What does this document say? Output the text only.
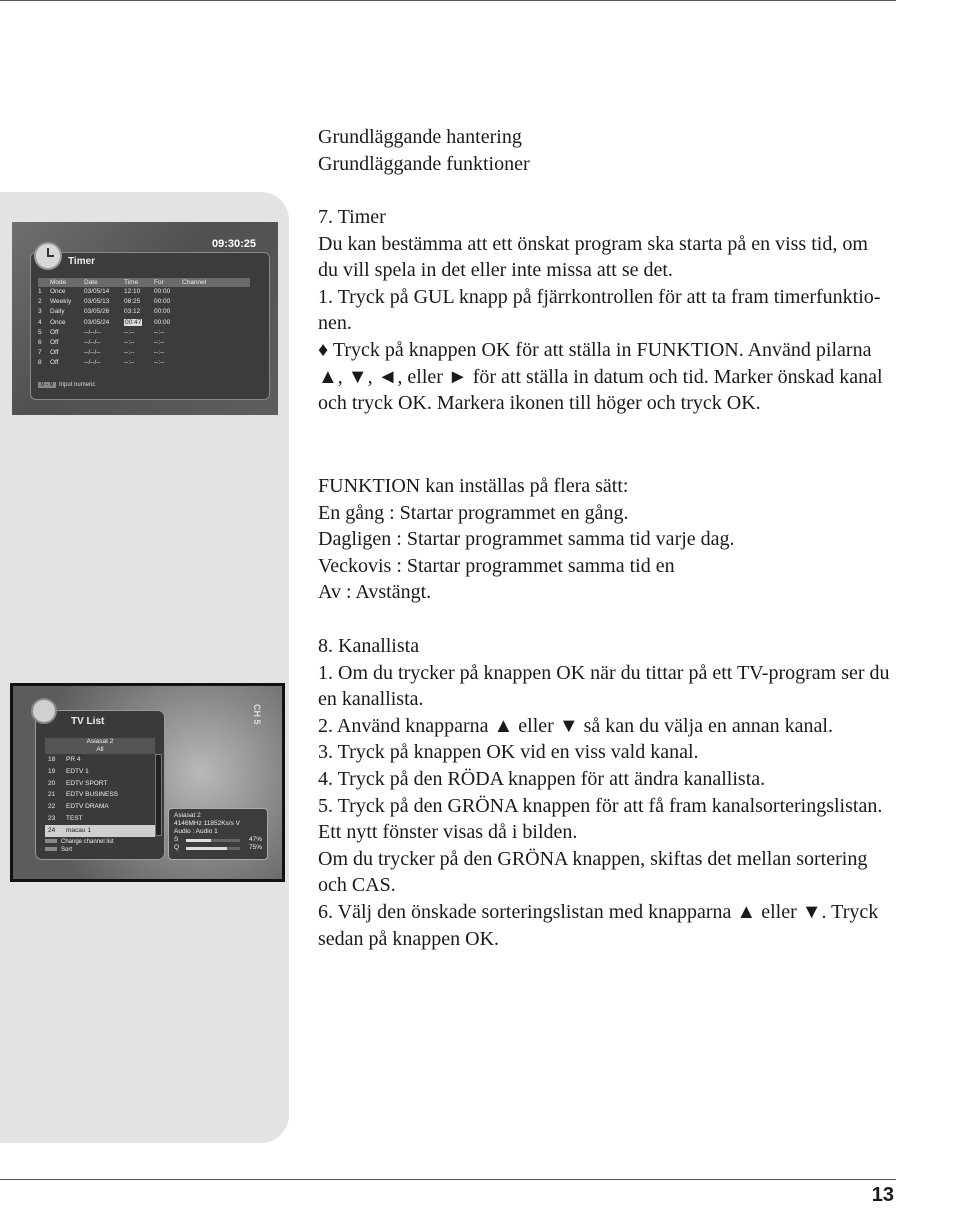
Timer
09:30:25
Mode	Date	Time	For	Channel
1	Once	03/05/14	12:10	00:00
2	Weekly	03/05/13	08:25	00:00
3	Daily	03/05/26	03:12	00:00
4	Once	03/05/24	00:47	00:00
5	Off	--/--/--	--:--	--:--
6	Off	--/--/--	--:--	--:--
7	Off	--/--/--	--:--	--:--
8	Off	--/--/--	--:--	--:--
0 - 9 Input numeric
TV List	CH 5
Asiasat 2
All
18	PR 4
19	EDTV 1
20	EDTV SPORT
21	EDTV BUSINESS
22	EDTV DRAMA
23	TEST
24	macau 1
Change channel list
Sort
Asiasat 2
4146MHz 11852Ks/s V
Audio : Audio 1
S	47%
Q	75%
Grundläggande hantering
Grundläggande funktioner
7. Timer
Du kan bestämma att ett önskat program ska starta på en viss tid, om
du vill spela in det eller inte missa att se det.
1. Tryck på GUL knapp på fjärrkontrollen för att ta fram timerfunktio-
nen.
♦ Tryck på knappen OK för att ställa in FUNKTION. Använd pilarna
▲, ▼, ◄, eller ► för att ställa in datum och tid. Marker önskad kanal
och tryck OK. Markera ikonen till höger och tryck OK.
FUNKTION kan inställas på flera sätt:
En gång : Startar programmet en gång.
Dagligen : Startar programmet samma tid varje dag.
Veckovis : Startar programmet samma tid en
Av : Avstängt.
8. Kanallista
1. Om du trycker på knappen OK när du tittar på ett TV-program ser du
en kanallista.
2. Använd knapparna ▲ eller ▼ så kan du välja en annan kanal.
3. Tryck på knappen OK vid en viss vald kanal.
4. Tryck på den RÖDA knappen för att ändra kanallista.
5. Tryck på den GRÖNA knappen för att få fram kanalsorteringslistan.
Ett nytt fönster visas då i bilden.
Om du trycker på den GRÖNA knappen, skiftas det mellan sortering
och CAS.
6. Välj den önskade sorteringslistan med knapparna ▲ eller ▼. Tryck
sedan på knappen OK.
13
